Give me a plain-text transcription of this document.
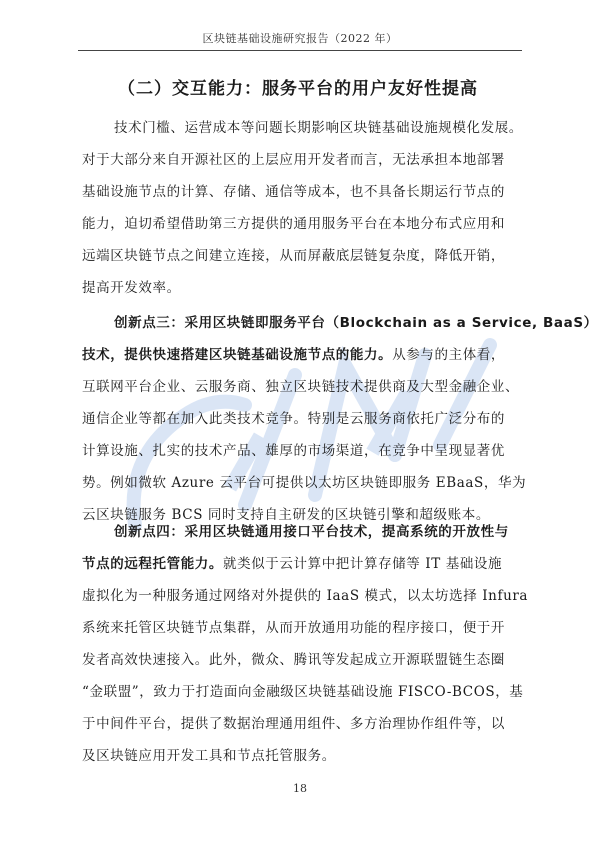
区块链基础设施研究报告（2022 年）
（二）交互能力：服务平台的用户友好性提高
技术门槛、运营成本等问题长期影响区块链基础设施规模化发展。
对于大部分来自开源社区的上层应用开发者而言，无法承担本地部署
基础设施节点的计算、存储、通信等成本，也不具备长期运行节点的
能力，迫切希望借助第三方提供的通用服务平台在本地分布式应用和
远端区块链节点之间建立连接，从而屏蔽底层链复杂度，降低开销，
提高开发效率。
创新点三：采用区块链即服务平台（Blockchain as a Service, BaaS）
技术，提供快速搭建区块链基础设施节点的能力。从参与的主体看，
互联网平台企业、云服务商、独立区块链技术提供商及大型金融企业、
通信企业等都在加入此类技术竞争。特别是云服务商依托广泛分布的
计算设施、扎实的技术产品、雄厚的市场渠道，在竞争中呈现显著优
势。例如微软 Azure 云平台可提供以太坊区块链即服务 EBaaS，华为
云区块链服务 BCS 同时支持自主研发的区块链引擎和超级账本。
创新点四：采用区块链通用接口平台技术，提高系统的开放性与
节点的远程托管能力。就类似于云计算中把计算存储等 IT 基础设施
虚拟化为一种服务通过网络对外提供的 IaaS 模式，以太坊选择 Infura
系统来托管区块链节点集群，从而开放通用功能的程序接口，便于开
发者高效快速接入。此外，微众、腾讯等发起成立开源联盟链生态圈
“金联盟”，致力于打造面向金融级区块链基础设施 FISCO-BCOS，基
于中间件平台，提供了数据治理通用组件、多方治理协作组件等，以
及区块链应用开发工具和节点托管服务。
18
